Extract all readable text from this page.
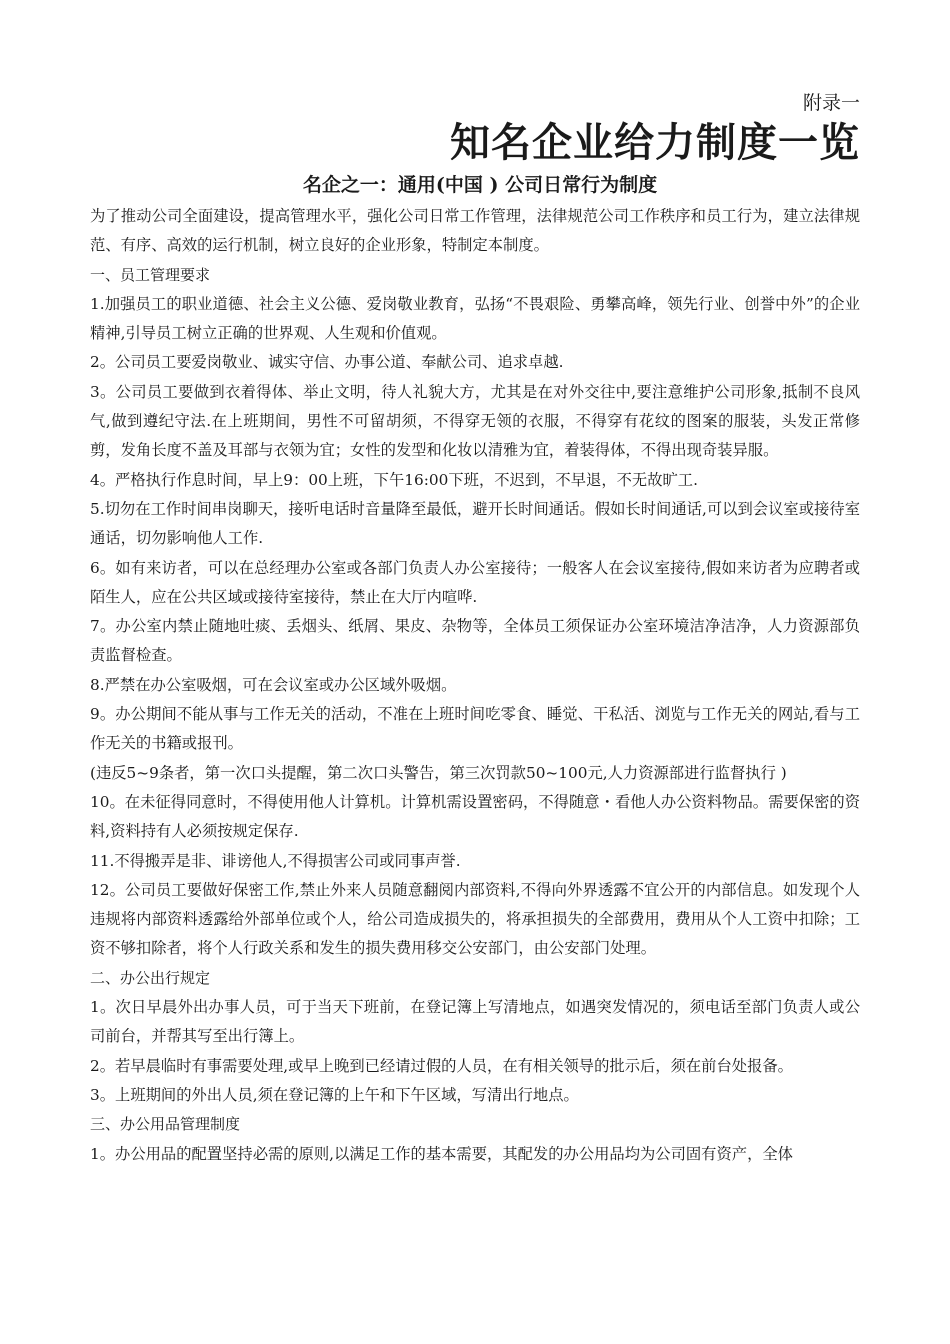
附录一

知名企业给力制度一览
名企之一：通用(中国 ) 公司日常行为制度

为了推动公司全面建设，提高管理水平，强化公司日常工作管理，法律规范公司工作秩序和员工行为，建立法律规范、有序、高效的运行机制，树立良好的企业形象，特制定本制度。

一、员工管理要求

1.加强员工的职业道德、社会主义公德、爱岗敬业教育，弘扬“不畏艰险、勇攀高峰，领先行业、创誉中外”的企业精神,引导员工树立正确的世界观、人生观和价值观。

2。公司员工要爱岗敬业、诚实守信、办事公道、奉献公司、追求卓越.

3。公司员工要做到衣着得体、举止文明，待人礼貌大方，尤其是在对外交往中,要注意维护公司形象,抵制不良风气,做到遵纪守法.在上班期间，男性不可留胡须，不得穿无领的衣服，不得穿有花纹的图案的服装，头发正常修剪，发角长度不盖及耳部与衣领为宜；女性的发型和化妆以清雅为宜，着装得体，不得出现奇装异服。

4。严格执行作息时间，早上9：00上班，下午16:00下班，不迟到，不早退，不无故旷工.

5.切勿在工作时间串岗聊天，接听电话时音量降至最低，避开长时间通话。假如长时间通话,可以到会议室或接待室通话，切勿影响他人工作.

6。如有来访者，可以在总经理办公室或各部门负责人办公室接待；一般客人在会议室接待,假如来访者为应聘者或陌生人，应在公共区域或接待室接待，禁止在大厅内喧哗.

7。办公室内禁止随地吐痰、丢烟头、纸屑、果皮、杂物等，全体员工须保证办公室环境洁净洁净，人力资源部负责监督检查。

8.严禁在办公室吸烟，可在会议室或办公区域外吸烟。

9。办公期间不能从事与工作无关的活动，不准在上班时间吃零食、睡觉、干私活、浏览与工作无关的网站,看与工作无关的书籍或报刊。

(违反5~9条者，第一次口头提醒，第二次口头警告，第三次罚款50~100元,人力资源部进行监督执行 )

10。在未征得同意时，不得使用他人计算机。计算机需设置密码，不得随意・看他人办公资料物品。需要保密的资料,资料持有人必须按规定保存.

11.不得搬弄是非、诽谤他人,不得损害公司或同事声誉.

12。公司员工要做好保密工作,禁止外来人员随意翻阅内部资料,不得向外界透露不宜公开的内部信息。如发现个人违规将内部资料透露给外部单位或个人，给公司造成损失的，将承担损失的全部费用，费用从个人工资中扣除；工资不够扣除者，将个人行政关系和发生的损失费用移交公安部门，由公安部门处理。

二、办公出行规定

1。次日早晨外出办事人员，可于当天下班前，在登记簿上写清地点，如遇突发情况的，须电话至部门负责人或公司前台，并帮其写至出行簿上。

2。若早晨临时有事需要处理,或早上晚到已经请过假的人员，在有相关领导的批示后，须在前台处报备。

3。上班期间的外出人员,须在登记簿的上午和下午区域，写清出行地点。

三、办公用品管理制度

1。办公用品的配置坚持必需的原则,以满足工作的基本需要，其配发的办公用品均为公司固有资产，全体
